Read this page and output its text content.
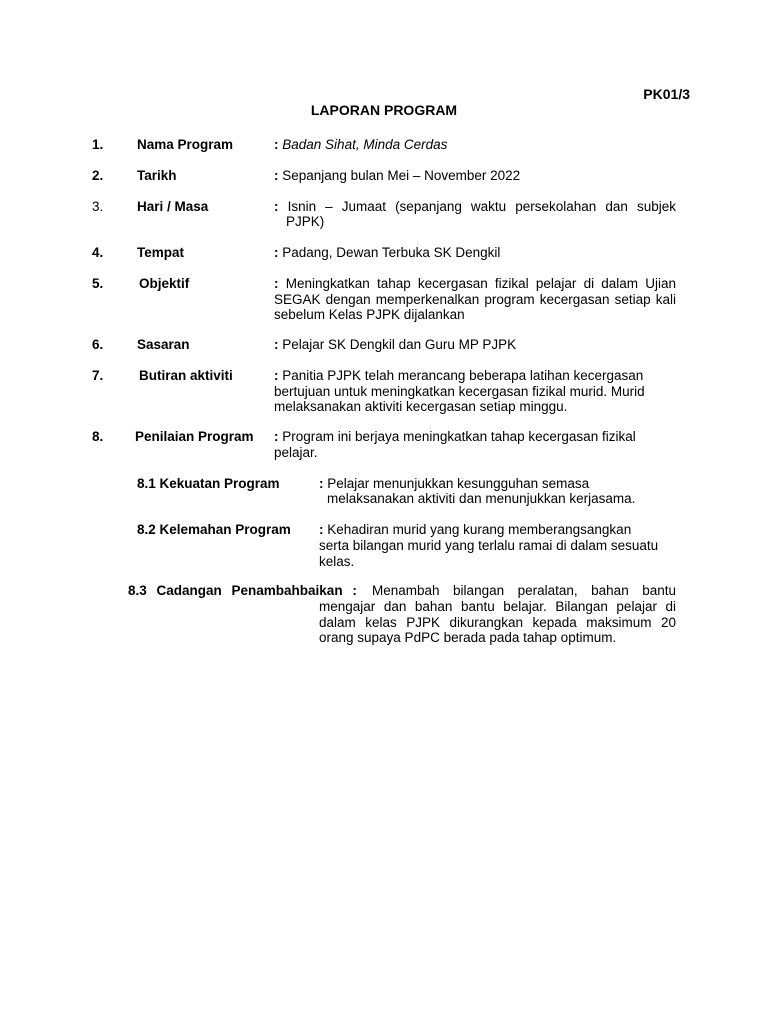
PK01/3
LAPORAN PROGRAM
1. Nama Program	: Badan Sihat, Minda Cerdas
2. Tarikh	: Sepanjang bulan Mei – November 2022
3. Hari / Masa	: Isnin – Jumaat (sepanjang waktu persekolahan dan subjek
PJPK)
4. Tempat	: Padang, Dewan Terbuka SK Dengkil
5.	Objektif	: Meningkatkan tahap kecergasan fizikal pelajar di dalam Ujian SEGAK dengan memperkenalkan program kecergasan setiap kali sebelum Kelas PJPK dijalankan
6. Sasaran	: Pelajar SK Dengkil dan Guru MP PJPK
7.	Butiran aktiviti	: Panitia PJPK telah merancang beberapa latihan kecergasan bertujuan untuk meningkatkan kecergasan fizikal murid. Murid melaksanakan aktiviti kecergasan setiap minggu.
8. Penilaian Program : Program ini berjaya meningkatkan tahap kecergasan fizikal pelajar.
8.1 Kekuatan Program	: Pelajar menunjukkan kesungguhan semasa
melaksanakan aktiviti dan menunjukkan kerjasama.
8.2 Kelemahan Program : Kehadiran murid yang kurang memberangsangkan
serta bilangan murid yang terlalu ramai di dalam sesuatu
kelas.
8.3 Cadangan Penambahbaikan :	Menambah bilangan peralatan, bahan bantu
mengajar dan bahan bantu belajar. Bilangan pelajar di dalam kelas PJPK dikurangkan kepada maksimum 20 orang supaya PdPC berada pada tahap optimum.
